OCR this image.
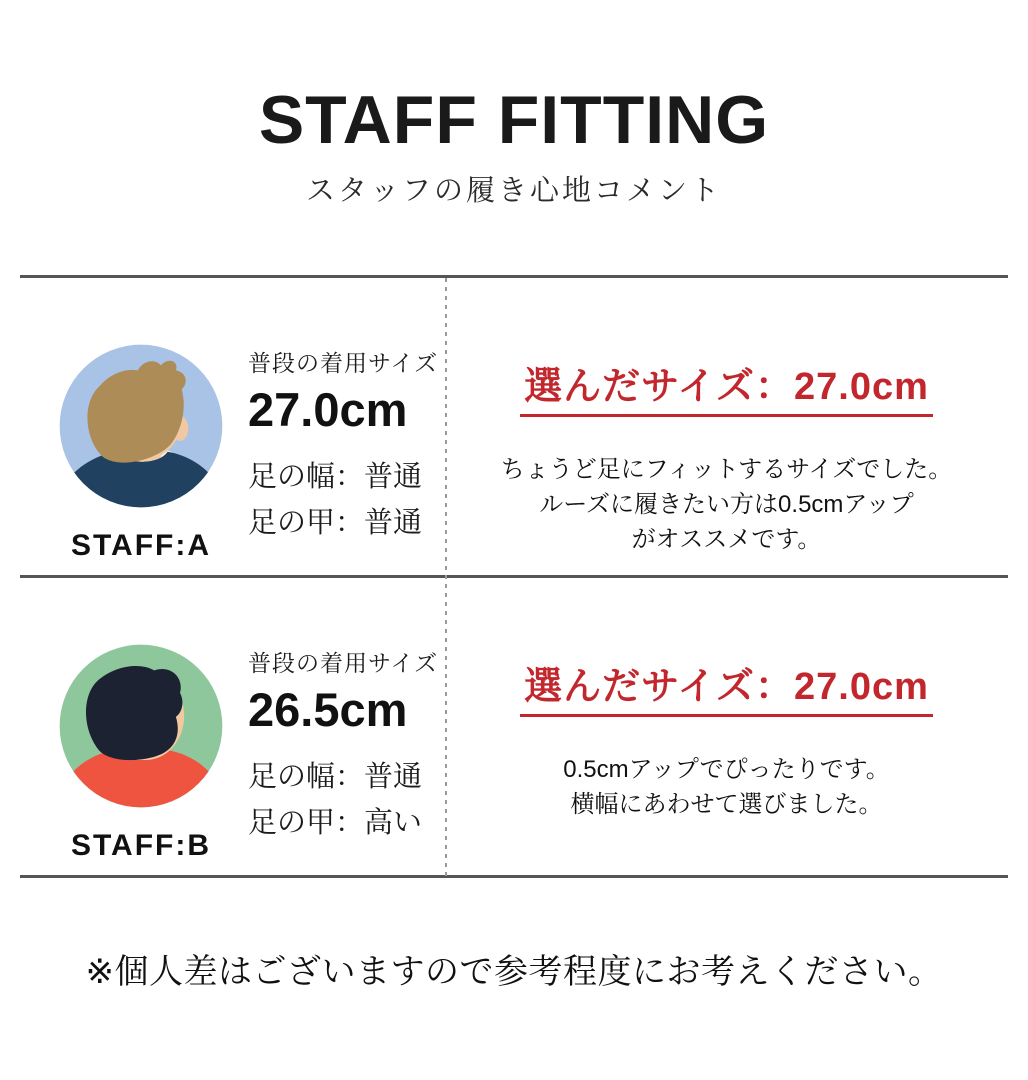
STAFF FITTING

スタッフの履き心地コメント

STAFF:A
普段の着用サイズ
27.0cm
足の幅：普通
足の甲：普通
選んだサイズ：27.0cm
ちょうど足にフィットするサイズでした。
ルーズに履きたい方は0.5cmアップ
がオススメです。
STAFF:B
普段の着用サイズ
26.5cm
足の幅：普通
足の甲：高い
選んだサイズ：27.0cm
0.5cmアップでぴったりです。
横幅にあわせて選びました。
※個人差はございますので参考程度にお考えください。
